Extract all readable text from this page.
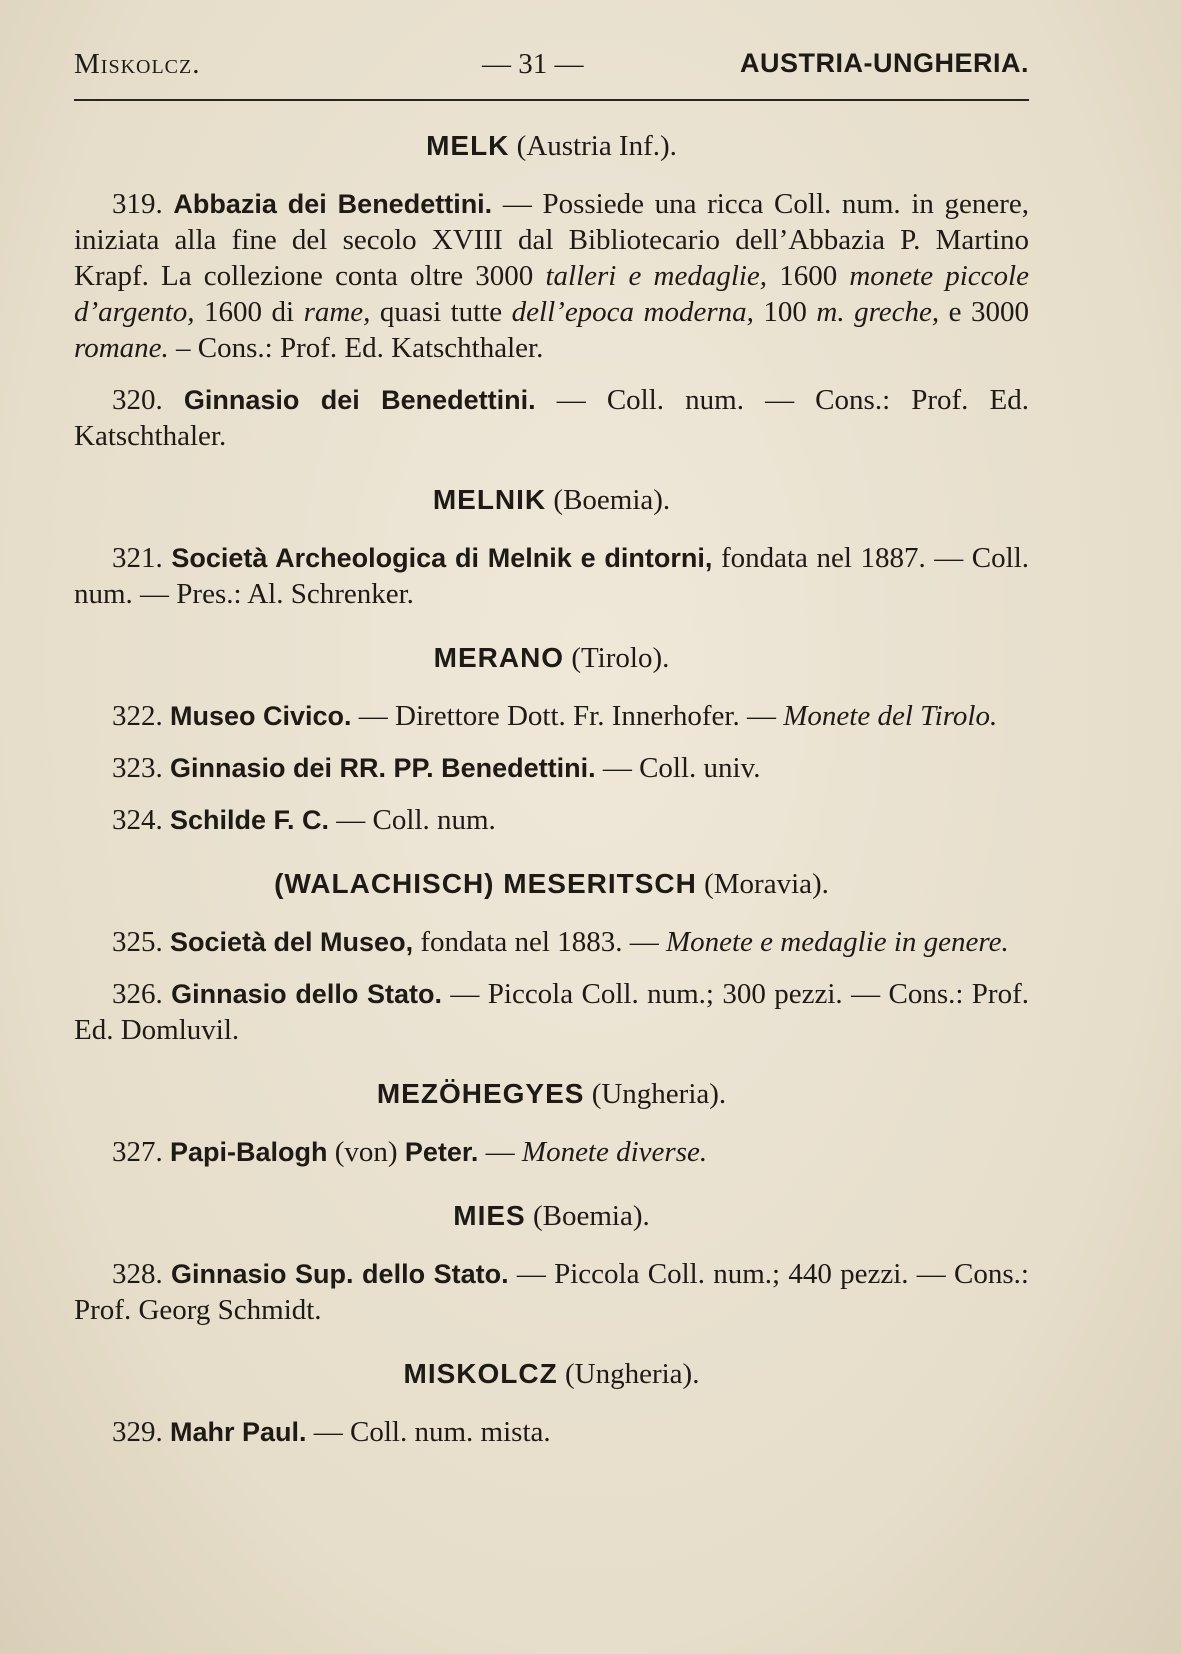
Miskolcz.	— 31 —	AUSTRIA-UNGHERIA.
MELK (Austria Inf.).

319. Abbazia dei Benedettini. — Possiede una ricca Coll. num. in genere, iniziata alla fine del secolo XVIII dal Bibliotecario dell’Abbazia P. Martino Krapf. La collezione conta oltre 3000 talleri e medaglie, 1600 monete piccole d’argento, 1600 di rame, quasi tutte dell’epoca moderna, 100 m. greche, e 3000 romane. – Cons.: Prof. Ed. Katschthaler.

320. Ginnasio dei Benedettini. — Coll. num. — Cons.: Prof. Ed. Katschthaler.

MELNIK (Boemia).

321. Società Archeologica di Melnik e dintorni, fondata nel 1887. — Coll. num. — Pres.: Al. Schrenker.

MERANO (Tirolo).

322. Museo Civico. — Direttore Dott. Fr. Innerhofer. — Monete del Tirolo.

323. Ginnasio dei RR. PP. Benedettini. — Coll. univ.

324. Schilde F. C. — Coll. num.

(WALACHISCH) MESERITSCH (Moravia).

325. Società del Museo, fondata nel 1883. — Monete e medaglie in genere.

326. Ginnasio dello Stato. — Piccola Coll. num.; 300 pezzi. — Cons.: Prof. Ed. Domluvil.

MEZÖHEGYES (Ungheria).

327. Papi-Balogh (von) Peter. — Monete diverse.

MIES (Boemia).

328. Ginnasio Sup. dello Stato. — Piccola Coll. num.; 440 pezzi. — Cons.: Prof. Georg Schmidt.

MISKOLCZ (Ungheria).

329. Mahr Paul. — Coll. num. mista.
